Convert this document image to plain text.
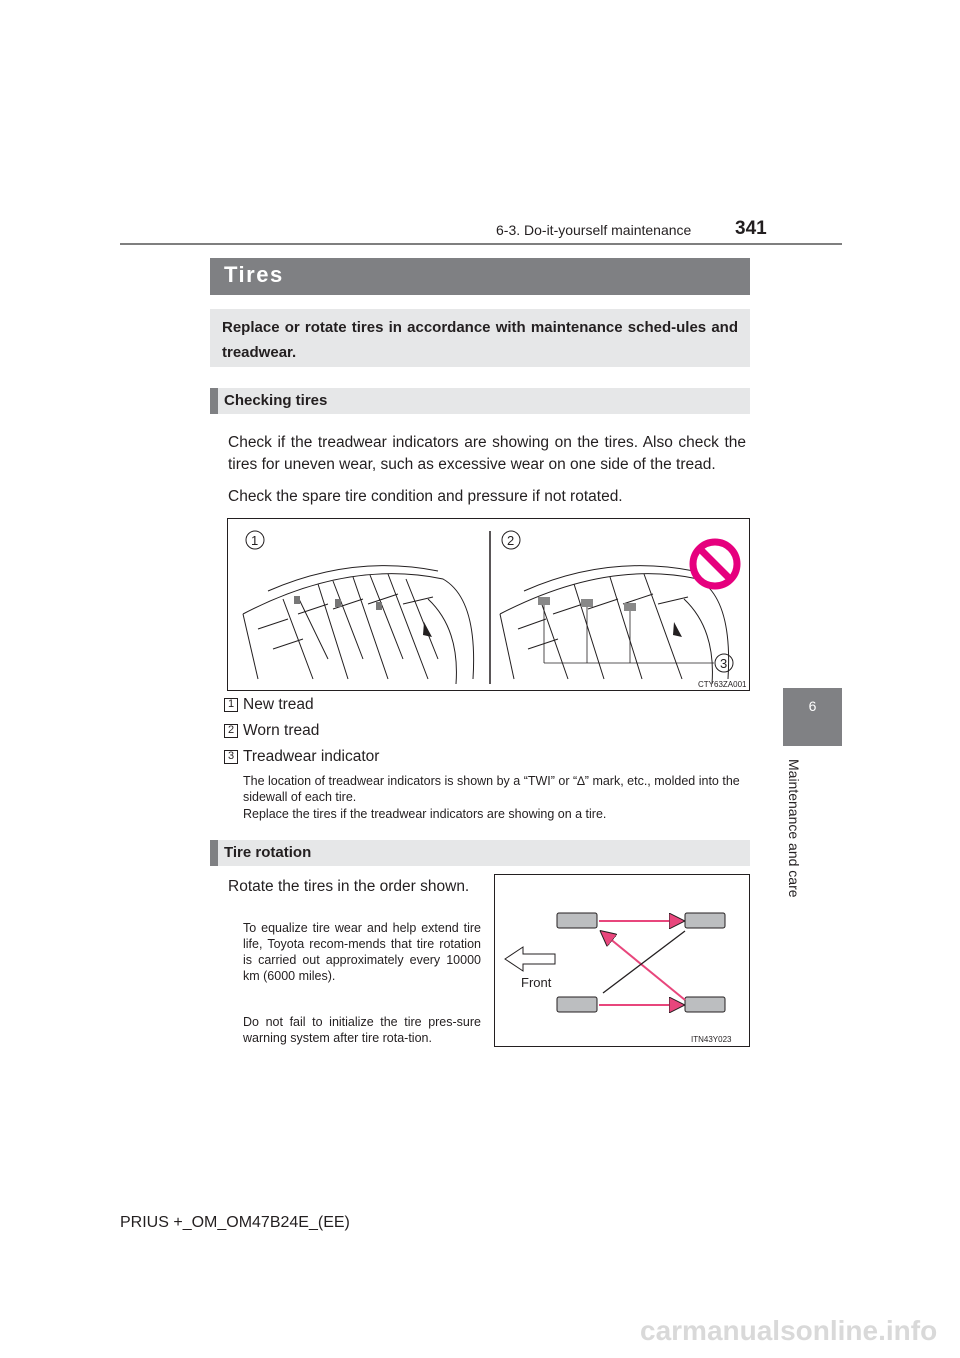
6-3. Do-it-yourself maintenance 341
6
Maintenance and care
Tires
Replace or rotate tires in accordance with maintenance sched-ules and treadwear.
Checking tires
Check if the treadwear indicators are showing on the tires. Also check the tires for uneven wear, such as excessive wear on one side of the tread.
Check the spare tire condition and pressure if not rotated.
1	2
3
CTY63ZA001
1 New tread
2 Worn tread
3 Treadwear indicator
The location of treadwear indicators is shown by a “TWI” or “∆” mark, etc., molded into the sidewall of each tire.
Replace the tires if the treadwear indicators are showing on a tire.
Tire rotation
Rotate the tires in the order shown.
To equalize tire wear and help extend tire life, Toyota recom-mends that tire rotation is carried out approximately every 10000 km (6000 miles).
Do not fail to initialize the tire pres-sure warning system after tire rota-tion.
Front
ITN43Y023
PRIUS +_OM_OM47B24E_(EE)
carmanualsonline.info
